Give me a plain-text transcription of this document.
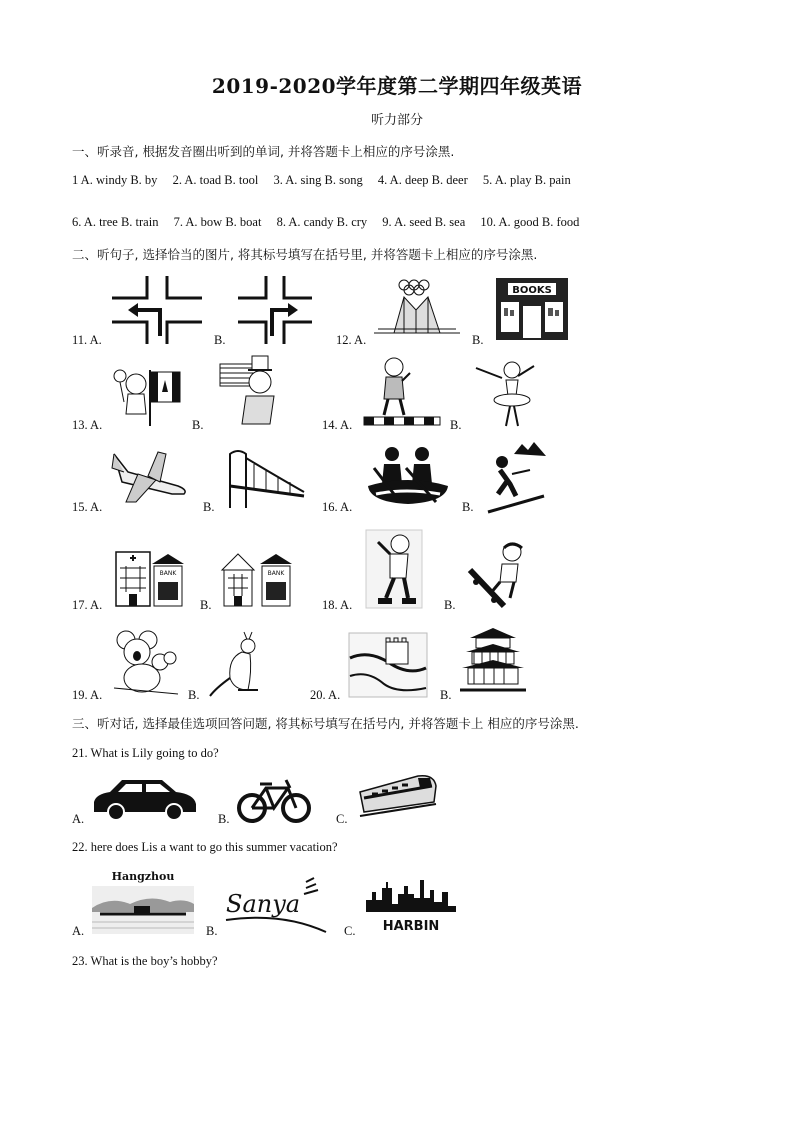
2019-2020学年度第二学期四年级英语
听力部分
一、听录音, 根据发音圈出听到的单词, 并将答题卡上相应的序号涂黑.
1 A. windy B. by 2. A. toad B. tool 3. A. sing B. song 4. A. deep B. deer 5. A. play B. pain
6. A. tree B. train 7. A. bow B. boat 8. A. candy B. cry 9. A. seed B. sea 10. A. good B. food
二、听句子, 选择恰当的图片, 将其标号填写在括号里, 并将答题卡上相应的序号涂黑.
11. A.	B.	12. A.	B.
BOOKS
13. A.	B.	14. A.	B.
15. A.	B.	16. A.	B.
17. A.
BANK
B.
BANK
18. A.	B.
19. A.	B.	20. A.	B.
三、听对话, 选择最佳选项回答问题, 将其标号填写在括号内, 并将答题卡上 相应的序号涂黑.
21. What is Lily going to do?
A.	B.	C.
22. here does Lis a want to go this summer vacation?
A.
Hangzhou
B.
Sanya
C. HARBIN
23. What is the boy’s hobby?
